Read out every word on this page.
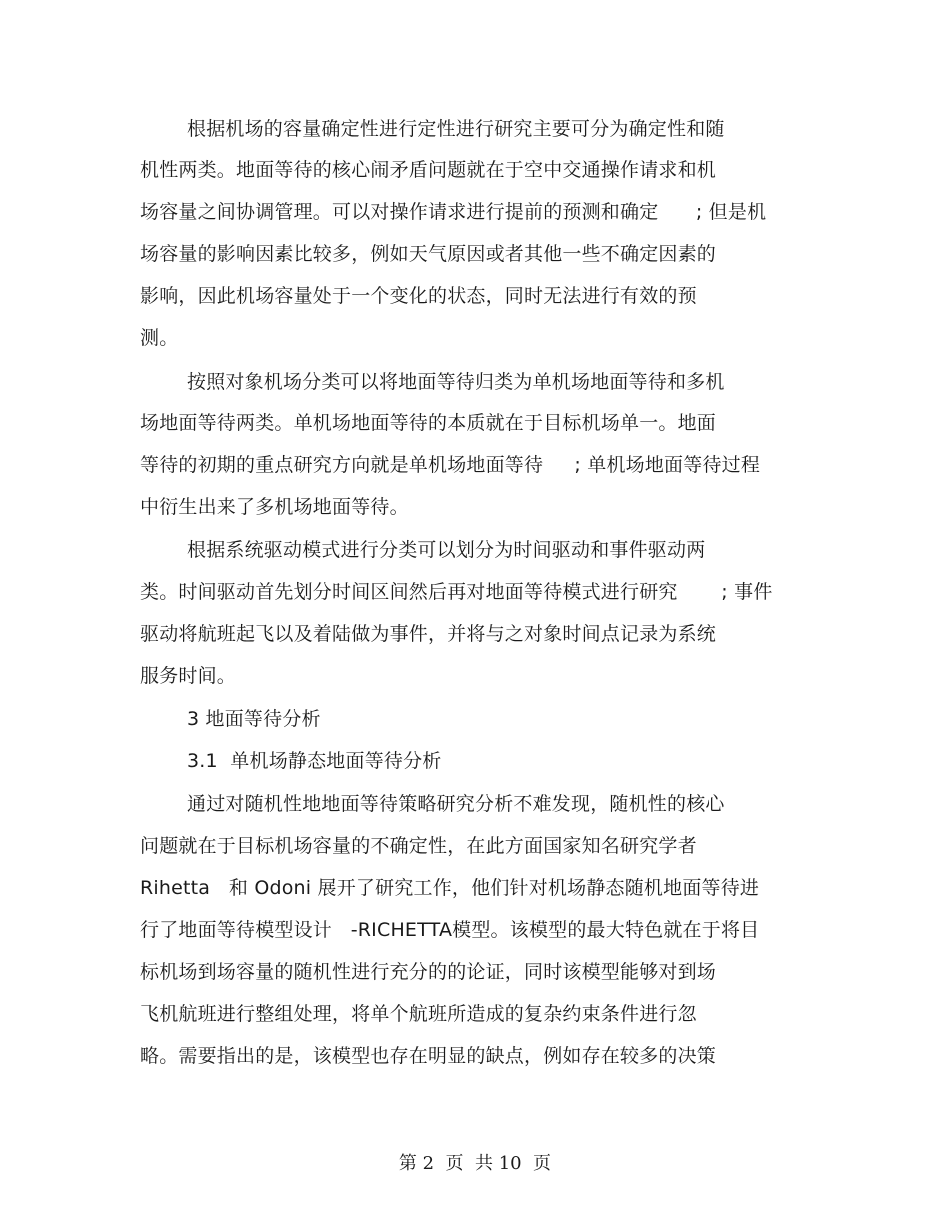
根据机场的容量确定性进行定性进行研究主要可分为确定性和随
机性两类。地面等待的核心闹矛盾问题就在于空中交通操作请求和机
场容量之间协调管理。可以对操作请求进行提前的预测和确定      ; 但是机
场容量的影响因素比较多，例如天气原因或者其他一些不确定因素的
影响，因此机场容量处于一个变化的状态，同时无法进行有效的预
测。
按照对象机场分类可以将地面等待归类为单机场地面等待和多机
场地面等待两类。单机场地面等待的本质就在于目标机场单一。地面
等待的初期的重点研究方向就是单机场地面等待     ; 单机场地面等待过程
中衍生出来了多机场地面等待。
根据系统驱动模式进行分类可以划分为时间驱动和事件驱动两
类。时间驱动首先划分时间区间然后再对地面等待模式进行研究       ; 事件
驱动将航班起飞以及着陆做为事件，并将与之对象时间点记录为系统
服务时间。
3 地面等待分析
3.1  单机场静态地面等待分析
通过对随机性地地面等待策略研究分析不难发现，随机性的核心
问题就在于目标机场容量的不确定性，在此方面国家知名研究学者
Rihetta   和 Odoni 展开了研究工作，他们针对机场静态随机地面等待进
行了地面等待模型设计   -RICHETTA模型。该模型的最大特色就在于将目
标机场到场容量的随机性进行充分的的论证，同时该模型能够对到场
飞机航班进行整组处理，将单个航班所造成的复杂约束条件进行忽
略。需要指出的是，该模型也存在明显的缺点，例如存在较多的决策
第 2  页  共 10  页
